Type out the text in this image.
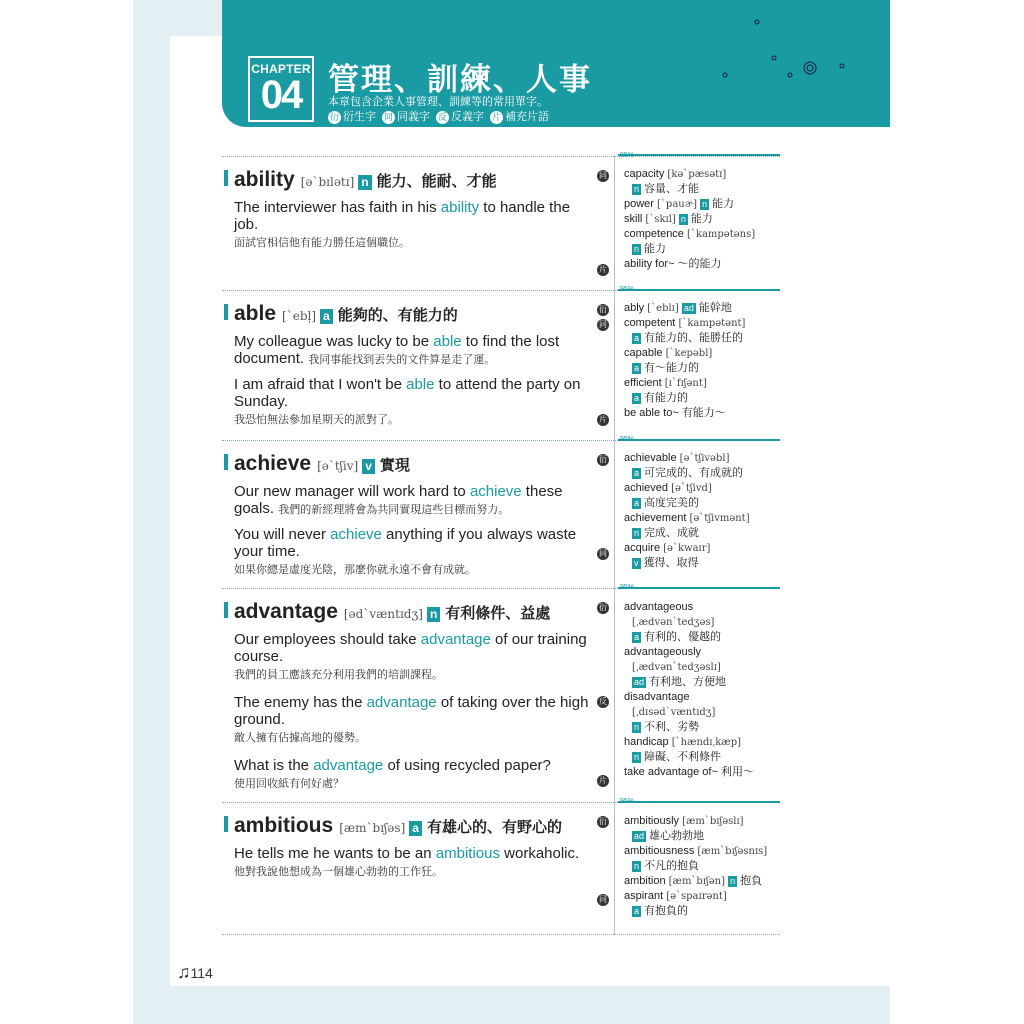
CHAPTER
04 管理、訓練、人事
本章包含企業人事管理、訓練等的常用單字。
衍 衍生字 同 同義字 反 反義字 片 補充片語
95%
95%
95%
95%
95%
ability [əˋbɪlətɪ] n 能力、能耐、才能
The interviewer has faith in his ability to handle the job.
面試官相信他有能力勝任這個職位。
同
片
capacity [kəˋpæsətɪ]
n 容量、才能
power [ˋpauɚ] n 能力
skill [ˋskɪl] n 能力
competence [ˋkampətəns]
n 能力
ability for~ ～的能力
able [ˋebl̩] a 能夠的、有能力的
My colleague was lucky to be able to find the lost document. 我同事能找到丟失的文件算是走了運。
I am afraid that I won't be able to attend the party on Sunday.
我恐怕無法參加星期天的派對了。
衍
同
片
ably [ˋeblɪ] ad 能幹地
competent [ˋkampətənt]
a 有能力的、能勝任的
capable [ˋkepəbl]
a 有～能力的
efficient [ɪˋfɪʃənt]
a 有能力的
be able to~ 有能力～
achieve [əˋtʃiv] v 實現
Our new manager will work hard to achieve these goals. 我們的新經理將會為共同實現這些目標而努力。
You will never achieve anything if you always waste your time.
如果你總是虛度光陰，那麼你就永遠不會有成就。
衍
同
achievable [əˋtʃivəbl]
a 可完成的、有成就的
achieved [əˋtʃivd]
a 高度完美的
achievement [əˋtʃivmənt]
n 完成、成就
acquire [əˋkwaɪr]
v 獲得、取得
advantage [ədˋvæntɪdʒ] n 有利條件、益處
Our employees should take advantage of our training course.
我們的員工應該充分利用我們的培訓課程。
The enemy has the advantage of taking over the high ground.
敵人擁有佔據高地的優勢。
What is the advantage of using recycled paper?
使用回收紙有何好處？
衍
反
片
advantageous
[ˌædvənˋtedʒəs]
a 有利的、優越的
advantageously
[ˌædvənˋtedʒəslɪ]
ad 有利地、方便地
disadvantage
[ˌdɪsədˋvæntɪdʒ]
n 不利、劣勢
handicap [ˋhændɪˌkæp]
n 障礙、不利條件
take advantage of~ 利用～
ambitious [æmˋbɪʃəs] a 有雄心的、有野心的
He tells me he wants to be an ambitious workaholic.
他對我說他想成為一個雄心勃勃的工作狂。
衍
同
ambitiously [æmˋbɪʃəslɪ]
ad 雄心勃勃地
ambitiousness [æmˋbɪʃəsnɪs]
n 不凡的抱負
ambition [æmˋbɪʃən] n 抱負
aspirant [əˋspaɪrənt]
a 有抱負的
♫114
